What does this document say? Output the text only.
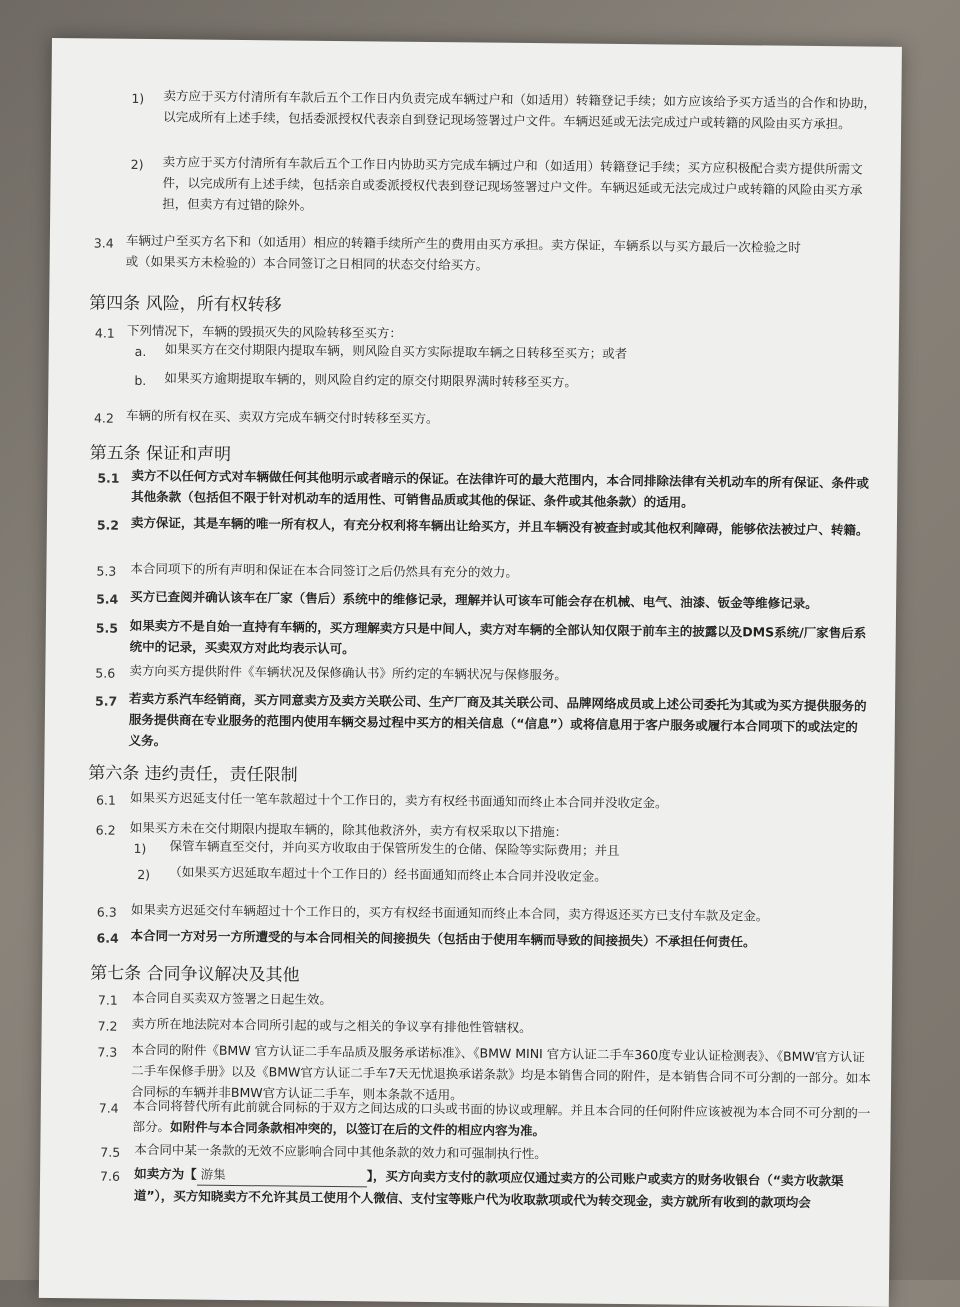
1) 卖方应于买方付清所有车款后五个工作日内负责完成车辆过户和（如适用）转籍登记手续；如方应该给予买方适当的合作和协助，以完成所有上述手续，包括委派授权代表亲自到登记现场签署过户文件。车辆迟延或无法完成过户或转籍的风险由买方承担。
2) 卖方应于买方付清所有车款后五个工作日内协助买方完成车辆过户和（如适用）转籍登记手续；买方应积极配合卖方提供所需文件，以完成所有上述手续，包括亲自或委派授权代表到登记现场签署过户文件。车辆迟延或无法完成过户或转籍的风险由买方承担，但卖方有过错的除外。
3.4 车辆过户至买方名下和（如适用）相应的转籍手续所产生的费用由买方承担。卖方保证，车辆系以与买方最后一次检验之时或（如果买方未检验的）本合同签订之日相同的状态交付给买方。
第四条 风险，所有权转移
4.1 下列情况下，车辆的毁损灭失的风险转移至买方：
a. 如果买方在交付期限内提取车辆，则风险自买方实际提取车辆之日转移至买方；或者
b. 如果买方逾期提取车辆的，则风险自约定的原交付期限界满时转移至买方。
4.2 车辆的所有权在买、卖双方完成车辆交付时转移至买方。
第五条 保证和声明
5.1 卖方不以任何方式对车辆做任何其他明示或者暗示的保证。在法律许可的最大范围内，本合同排除法律有关机动车的所有保证、条件或其他条款（包括但不限于针对机动车的适用性、可销售品质或其他的保证、条件或其他条款）的适用。
5.2 卖方保证，其是车辆的唯一所有权人，有充分权利将车辆出让给买方，并且车辆没有被查封或其他权利障碍，能够依法被过户、转籍。
5.3 本合同项下的所有声明和保证在本合同签订之后仍然具有充分的效力。
5.4 买方已查阅并确认该车在厂家（售后）系统中的维修记录，理解并认可该车可能会存在机械、电气、油漆、钣金等维修记录。
5.5 如果卖方不是自始一直持有车辆的，买方理解卖方只是中间人，卖方对车辆的全部认知仅限于前车主的披露以及DMS系统/厂家售后系统中的记录，买卖双方对此均表示认可。
5.6 卖方向买方提供附件《车辆状况及保修确认书》所约定的车辆状况与保修服务。
5.7 若卖方系汽车经销商，买方同意卖方及卖方关联公司、生产厂商及其关联公司、品牌网络成员或上述公司委托为其或为买方提供服务的服务提供商在专业服务的范围内使用车辆交易过程中买方的相关信息（“信息”）或将信息用于客户服务或履行本合同项下的或法定的义务。
第六条 违约责任，责任限制
6.1 如果买方迟延支付任一笔车款超过十个工作日的，卖方有权经书面通知而终止本合同并没收定金。
6.2 如果买方未在交付期限内提取车辆的，除其他救济外，卖方有权采取以下措施：
1) 保管车辆直至交付，并向买方收取由于保管所发生的仓储、保险等实际费用；并且
2) （如果买方迟延取车超过十个工作日的）经书面通知而终止本合同并没收定金。
6.3 如果卖方迟延交付车辆超过十个工作日的，买方有权经书面通知而终止本合同，卖方得返还买方已支付车款及定金。
6.4 本合同一方对另一方所遭受的与本合同相关的间接损失（包括由于使用车辆而导致的间接损失）不承担任何责任。
第七条 合同争议解决及其他
7.1 本合同自买卖双方签署之日起生效。
7.2 卖方所在地法院对本合同所引起的或与之相关的争议享有排他性管辖权。
7.3 本合同的附件《BMW 官方认证二手车品质及服务承诺标准》、《BMW MINI 官方认证二手车360度专业认证检测表》、《BMW官方认证二手车保修手册》以及《BMW官方认证二手车7天无忧退换承诺条款》均是本销售合同的附件，是本销售合同不可分割的一部分。如本合同标的车辆并非BMW官方认证二手车，则本条款不适用。
7.4 本合同将替代所有此前就合同标的于双方之间达成的口头或书面的协议或理解。并且本合同的任何附件应该被视为本合同不可分割的一部分。如附件与本合同条款相冲突的，以签订在后的文件的相应内容为准。
7.5 本合同中某一条款的无效不应影响合同中其他条款的效力和可强制执行性。
7.6 如卖方为【 游集	】，买方向卖方支付的款项应仅通过卖方的公司账户或卖方的财务收银台（“卖方收款渠道”），买方知晓卖方不允许其员工使用个人微信、支付宝等账户代为收取款项或代为转交现金，卖方就所有收到的款项均会
